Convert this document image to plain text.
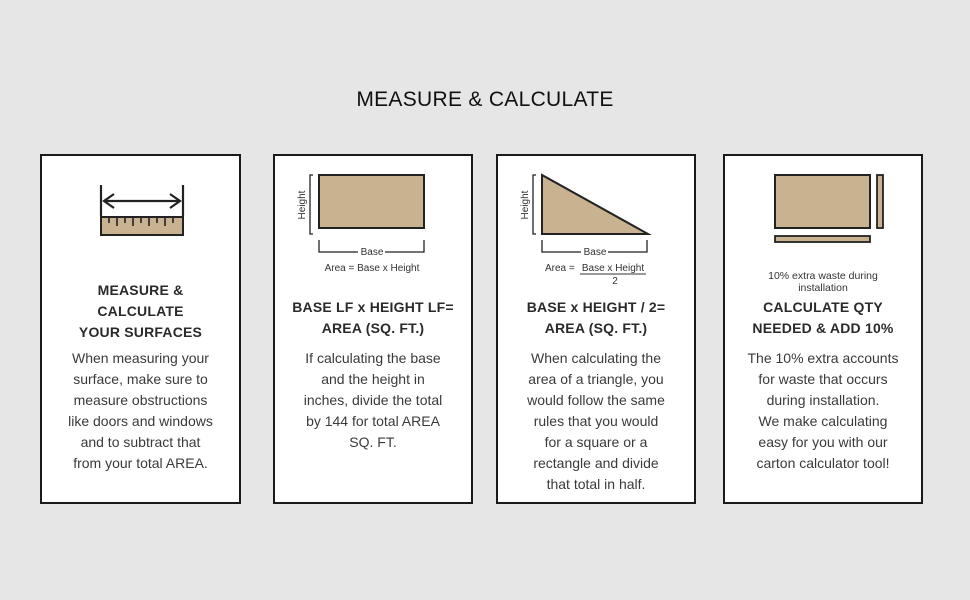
MEASURE & CALCULATE
MEASURE &
CALCULATE
YOUR SURFACES
When measuring your
surface, make sure to
measure obstructions
like doors and windows
and to subtract that
from your total AREA.
Height
Base
Area = Base x Height
BASE LF x HEIGHT LF=
AREA (SQ. FT.)
If calculating the base
and the height in
inches, divide the total
by 144 for total AREA
SQ. FT.
Height
Base
Area = Base x Height
2
BASE x HEIGHT / 2=
AREA (SQ. FT.)
When calculating the
area of a triangle, you
would follow the same
rules that you would
for a square or a
rectangle and divide
that total in half.
10% extra waste during
installation
CALCULATE QTY
NEEDED & ADD 10%
The 10% extra accounts
for waste that occurs
during installation.
We make calculating
easy for you with our
carton calculator tool!
